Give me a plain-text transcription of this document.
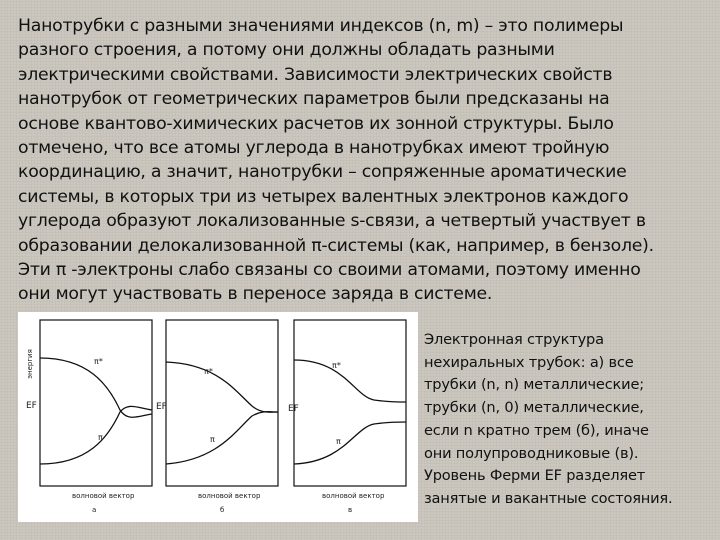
Нанотрубки с разными значениями индексов (n, m) – это полимеры
разного строения, а потому они должны обладать разными
электрическими свойствами. Зависимости электрических свойств
нанотрубок от геометрических параметров были предсказаны на
основе квантово-химических расчетов их зонной структуры. Было
отмечено, что все атомы углерода в нанотрубках имеют тройную
координацию, а значит, нанотрубки – сопряженные ароматические
системы, в которых три из четырех валентных электронов каждого
углерода образуют локализованные s-связи, а четвертый участвует в
образовании делокализованной π-системы (как, например, в бензоле).
Эти π -электроны слабо связаны со своими атомами, поэтому именно
они могут участвовать в переносе заряда в системе.
энергия
EF
π*
π
волновой вектор
а
EF
π*
π
волновой вектор
б
EF
π*
π
волновой вектор
в
Электронная структура
нехиральных трубок: а) все
трубки (n, n) металлические;
трубки (n, 0) металлические,
если n кратно трем (б), иначе
они полупроводниковые (в).
Уровень Ферми EF разделяет
занятые и вакантные состояния.
